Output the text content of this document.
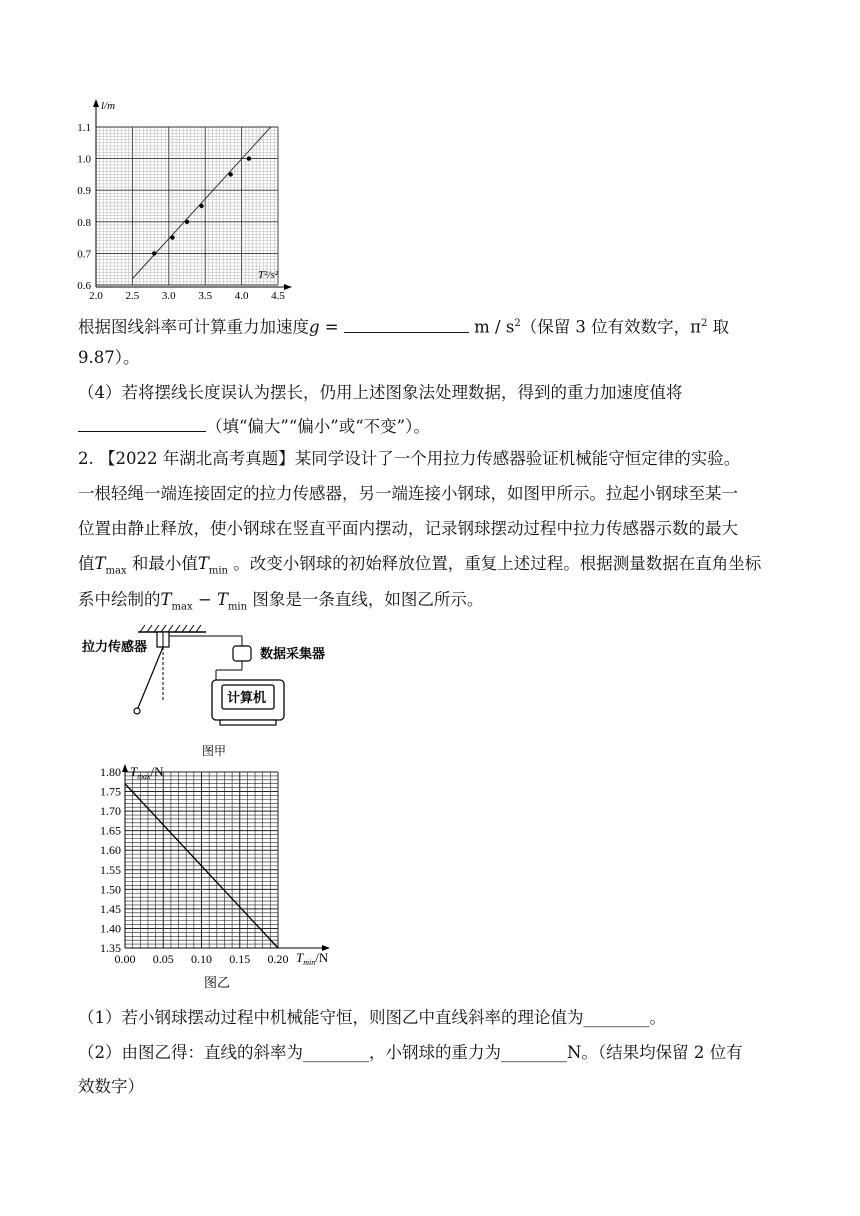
l/m
T²/s²
0.6
0.7
0.8
0.9
1.0
1.1
2.0 2.5 3.0 3.5 4.0 4.5
根据图线斜率可计算重力加速度g =	m / $s^2$（保留 3 位有效数字，$\pi^2$ 取
9.87）。
（4）若将摆线长度误认为摆长，仍用上述图象法处理数据，得到的重力加速度值将
（填“偏大”“偏小”或“不变”）。
2. 【2022 年湖北高考真题】某同学设计了一个用拉力传感器验证机械能守恒定律的实验。
一根轻绳一端连接固定的拉力传感器，另一端连接小钢球，如图甲所示。拉起小钢球至某一
位置由静止释放，使小钢球在竖直平面内摆动，记录钢球摆动过程中拉力传感器示数的最大
值$T_{max}$ 和最小值$T_{min}$ 。改变小钢球的初始释放位置，重复上述过程。根据测量数据在直角坐标
系中绘制的$T_{max} - T_{min}$ 图象是一条直线，如图乙所示。
拉力传感器	数据采集器
计算机
图甲
$T_{max}/N$
$T_{min}/N$
1.80
1.75
1.70
1.65
1.60
1.55
1.50
1.45
1.40
1.35
0.00 0.05 0.10 0.15 0.20
图乙
（1）若小钢球摆动过程中机械能守恒，则图乙中直线斜率的理论值为________。
（2）由图乙得：直线的斜率为________，小钢球的重力为________N。（结果均保留 2 位有
效数字）
